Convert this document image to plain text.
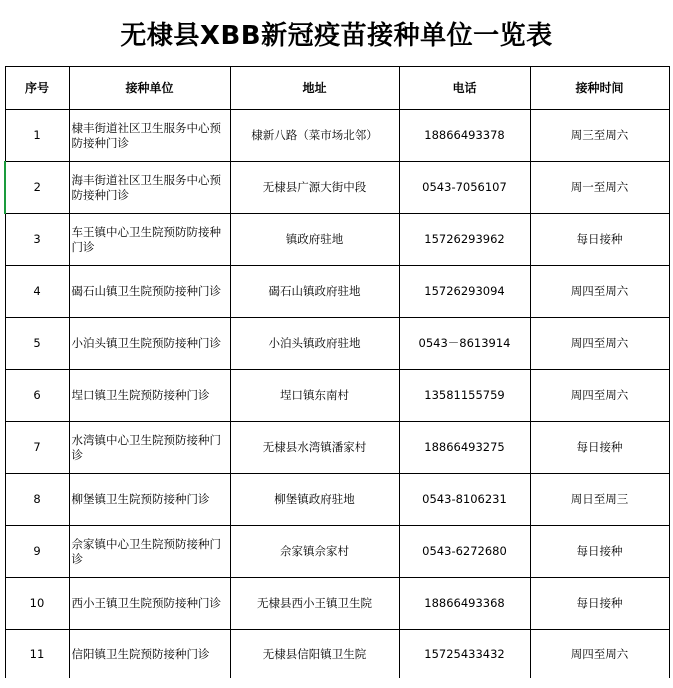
无棣县XBB新冠疫苗接种单位一览表
序号	接种单位	地址	电话	接种时间
1	棣丰街道社区卫生服务中心预防接种门诊	棣新八路（菜市场北邻）	18866493378	周三至周六
2	海丰街道社区卫生服务中心预防接种门诊	无棣县广源大街中段	0543-7056107	周一至周六
3	车王镇中心卫生院预防防接种门诊	镇政府驻地	15726293962	每日接种
4	碣石山镇卫生院预防接种门诊	碣石山镇政府驻地	15726293094	周四至周六
5	小泊头镇卫生院预防接种门诊	小泊头镇政府驻地	0543－8613914	周四至周六
6	埕口镇卫生院预防接种门诊	埕口镇东南村	13581155759	周四至周六
7	水湾镇中心卫生院预防接种门诊	无棣县水湾镇潘家村	18866493275	每日接种
8	柳堡镇卫生院预防接种门诊	柳堡镇政府驻地	0543-8106231	周日至周三
9	佘家镇中心卫生院预防接种门诊	佘家镇佘家村	0543-6272680	每日接种
10	西小王镇卫生院预防接种门诊	无棣县西小王镇卫生院	18866493368	每日接种
11	信阳镇卫生院预防接种门诊	无棣县信阳镇卫生院	15725433432	周四至周六
